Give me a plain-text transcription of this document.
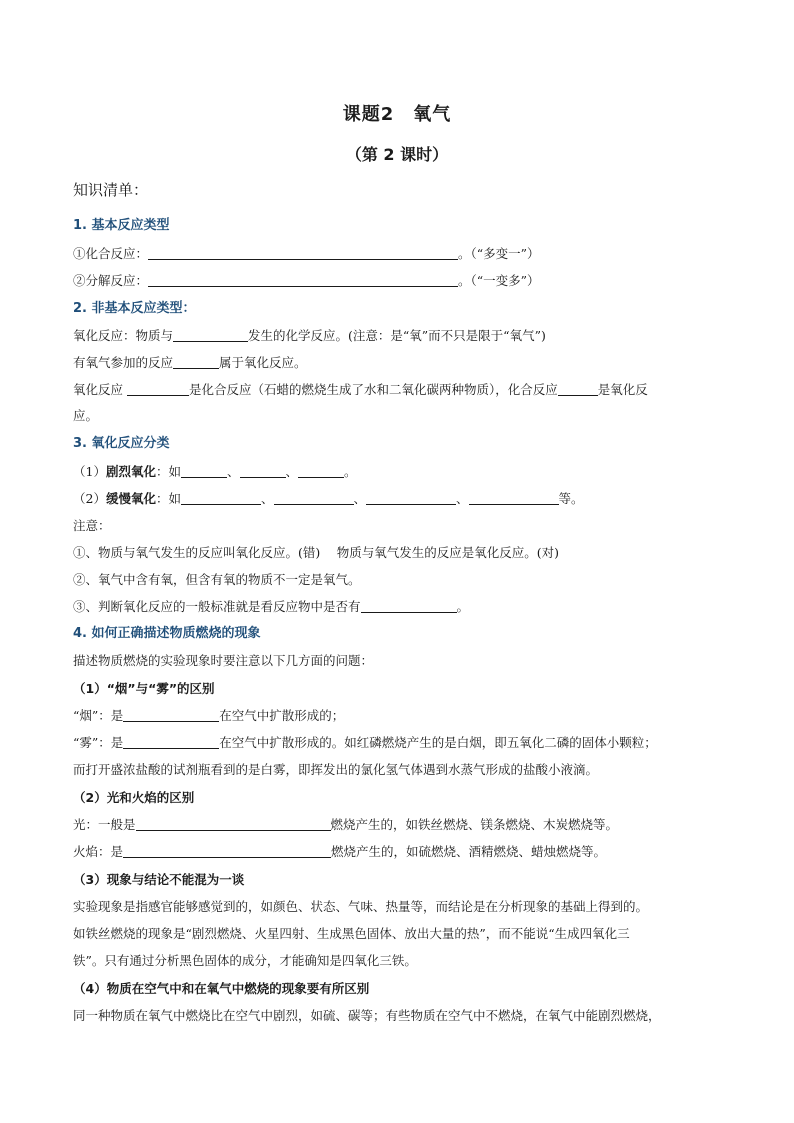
课题2　氧气
（第 2 课时）
知识清单：
1. 基本反应类型
①化合反应：	。（“多变一”）
②分解反应：	。（“一变多”）
2. 非基本反应类型：
氧化反应：物质与	发生的化学反应。(注意：是“氧”而不只是限于“氧气”)
有氧气参加的反应	属于氧化反应。
氧化反应	是化合反应（石蜡的燃烧生成了水和二氧化碳两种物质），化合反应	是氧化反
应。
3. 氧化反应分类
（1）剧烈氧化：如	、	、	。
（2）缓慢氧化：如	、	、	、	等。
注意：
①、物质与氧气发生的反应叫氧化反应。(错)　 物质与氧气发生的反应是氧化反应。(对)
②、氧气中含有氧，但含有氧的物质不一定是氧气。
③、判断氧化反应的一般标准就是看反应物中是否有	。
4. 如何正确描述物质燃烧的现象
描述物质燃烧的实验现象时要注意以下几方面的问题：
（1）“烟”与“雾”的区别
“烟”：是	在空气中扩散形成的；
“雾”：是	在空气中扩散形成的。如红磷燃烧产生的是白烟，即五氧化二磷的固体小颗粒；
而打开盛浓盐酸的试剂瓶看到的是白雾，即挥发出的氯化氢气体遇到水蒸气形成的盐酸小液滴。
（2）光和火焰的区别
光：一般是	燃烧产生的，如铁丝燃烧、镁条燃烧、木炭燃烧等。
火焰：是	燃烧产生的，如硫燃烧、酒精燃烧、蜡烛燃烧等。
（3）现象与结论不能混为一谈
实验现象是指感官能够感觉到的，如颜色、状态、气味、热量等，而结论是在分析现象的基础上得到的。
如铁丝燃烧的现象是“剧烈燃烧、火星四射、生成黑色固体、放出大量的热”，而不能说“生成四氧化三
铁”。只有通过分析黑色固体的成分，才能确知是四氧化三铁。
（4）物质在空气中和在氧气中燃烧的现象要有所区别
同一种物质在氧气中燃烧比在空气中剧烈，如硫、碳等；有些物质在空气中不燃烧，在氧气中能剧烈燃烧，
